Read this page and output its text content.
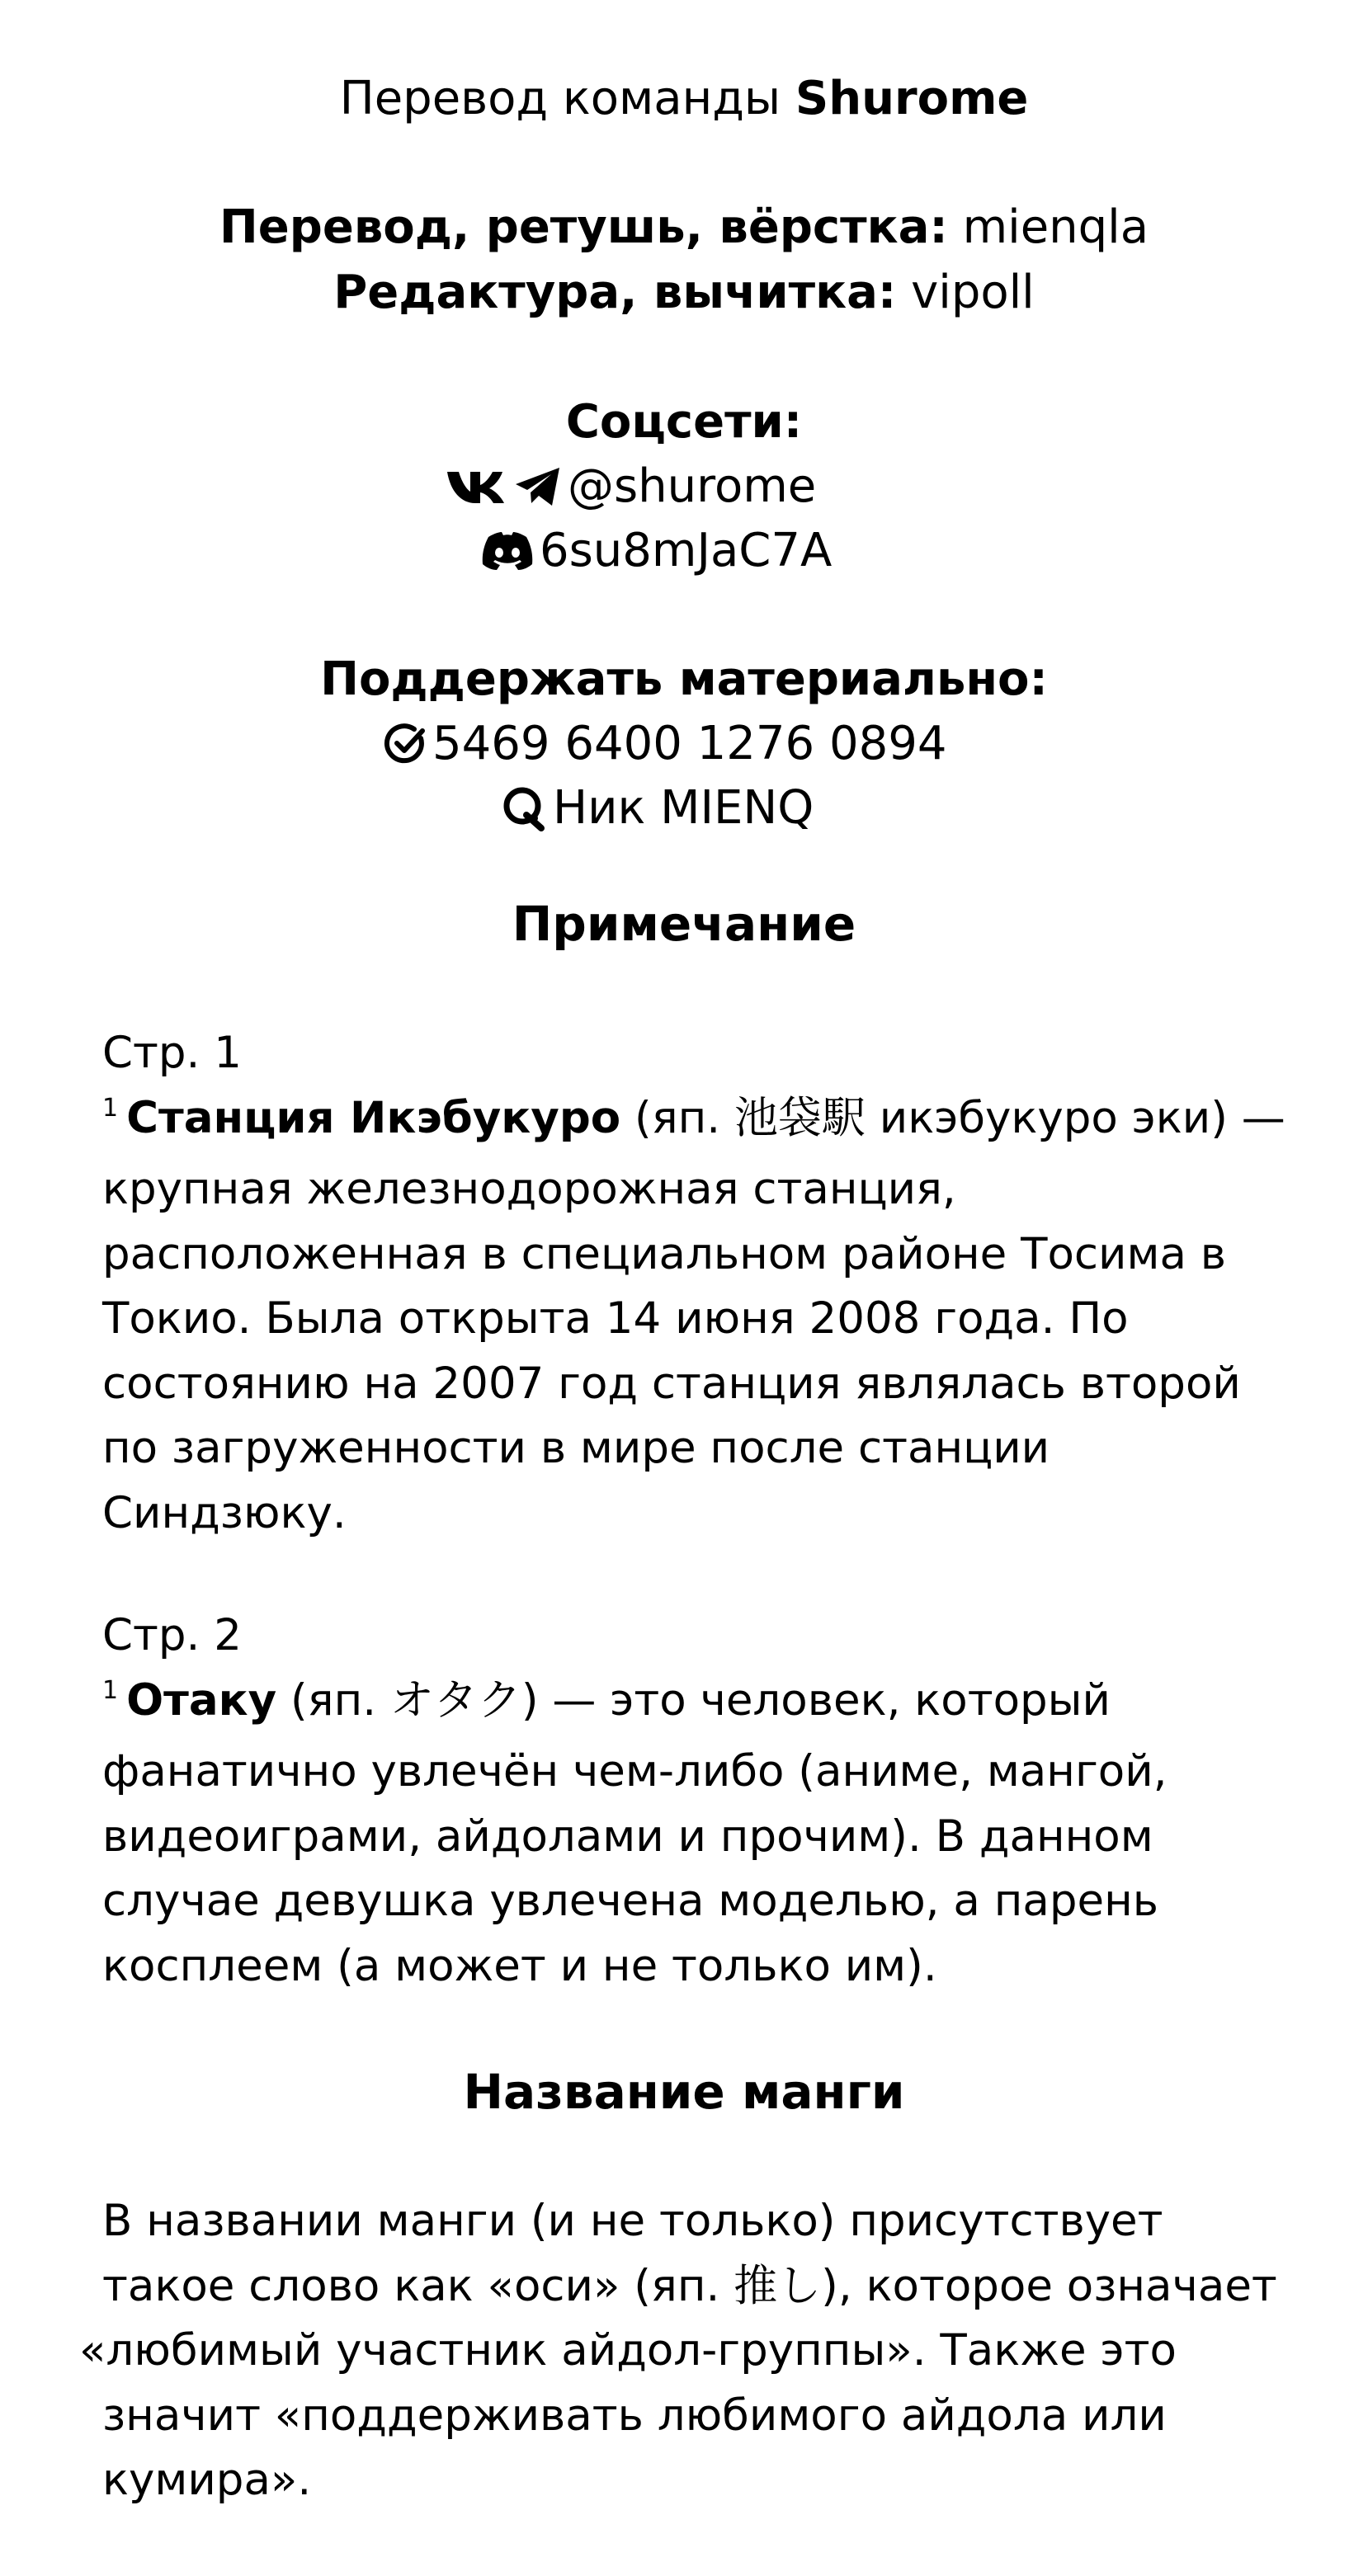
Перевод команды Shurome
Перевод, ретушь, вёрстка: mienqla
Редактура, вычитка: vipoll
Соцсети:
@shurome
6su8mJaC7A
Поддержать материально:
5469 6400 1276 0894
Ник MIENQ
Примечание
Стр. 1
$^1$ Станция Икэбукуро (яп. 池袋駅 икэбукуро эки) —
крупная железнодорожная станция,
расположенная в специальном районе Тосима в
Токио. Была открыта 14 июня 2008 года. По
состоянию на 2007 год станция являлась второй
по загруженности в мире после станции
Синдзюку.
Стр. 2
$^1$ Отаку (яп. オタク) — это человек, который
фанатично увлечён чем-либо (аниме, мангой,
видеоиграми, айдолами и прочим). В данном
случае девушка увлечена моделью, а парень
косплеем (а может и не только им).
Название манги
В названии манги (и не только) присутствует
такое слово как «оси» (яп. 推し), которое означает
«любимый участник айдол-группы». Также это
значит «поддерживать любимого айдола или
кумира».
